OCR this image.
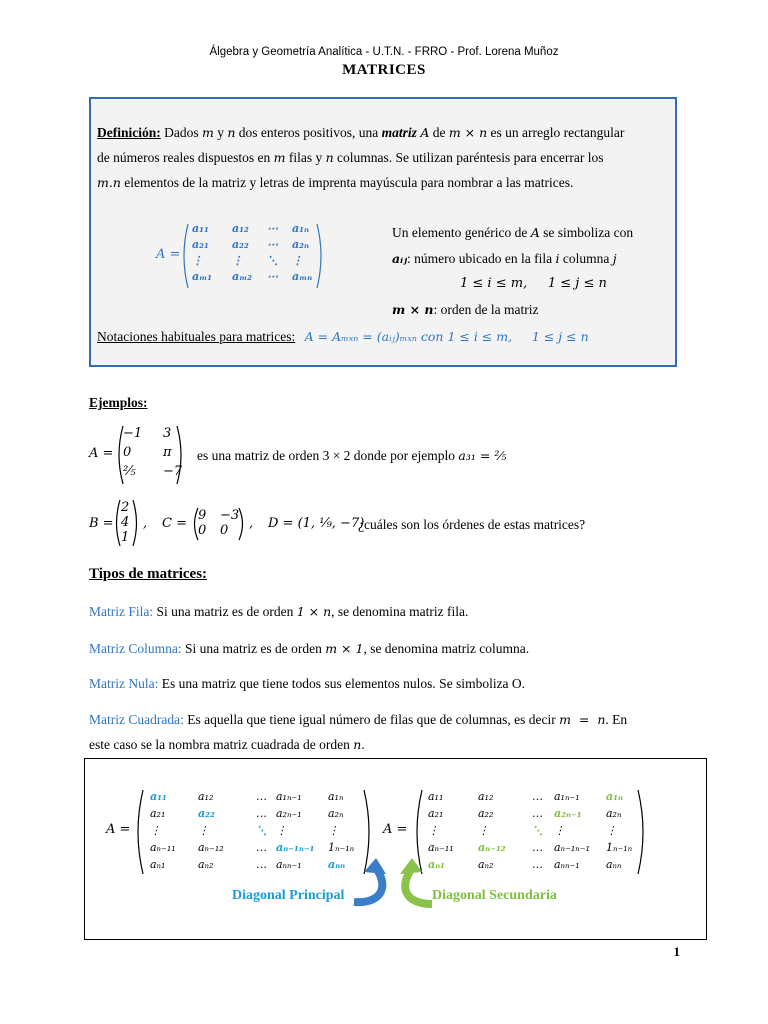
Álgebra y Geometría Analítica - U.T.N. - FRRO - Prof. Lorena Muñoz
MATRICES
Definición: Dados m y n dos enteros positivos, una matriz A de m × n es un arreglo rectangular
de números reales dispuestos en m filas y n columnas. Se utilizan paréntesis para encerrar los
m.n elementos de la matriz y letras de imprenta mayúscula para nombrar a las matrices.
A =
a₁₁ a₁₂ ⋯ a₁ₙ
a₂₁ a₂₂ ⋯ a₂ₙ
⋮	⋮ ⋱ ⋮
aₘ₁ aₘ₂ ⋯ aₘₙ
Un elemento genérico de A se simboliza con
aᵢⱼ: número ubicado en la fila i columna j
1 ≤ i ≤ m,     1 ≤ j ≤ n
m × n: orden de la matriz
Notaciones habituales para matrices: A = Aₘₓₙ = (aᵢⱼ)ₘₓₙ con 1 ≤ i ≤ m,     1 ≤ j ≤ n
Ejemplos:
A =
−1 3
0 π
²⁄₅ −7
es una matriz de orden 3 × 2 donde por ejemplo a₃₁ = ²⁄₅
B =
2
4
1
, C =
9 −3
0 0 , D = (1, ¹⁄₉, −7)
¿cuáles son los órdenes de estas matrices?
Tipos de matrices:
Matriz Fila: Si una matriz es de orden 1 × n, se denomina matriz fila.
Matriz Columna: Si una matriz es de orden m × 1, se denomina matriz columna.
Matriz Nula: Es una matriz que tiene todos sus elementos nulos. Se simboliza O.
Matriz Cuadrada: Es aquella que tiene igual número de filas que de columnas, es decir m  =  n. En
este caso se la nombra matriz cuadrada de orden n.
A =
a₁₁	a₁₂	… a₁ₙ₋₁ a₁ₙ
a₂₁	a₂₂	… a₂ₙ₋₁ a₂ₙ
⋮	⋮	⋱ ⋮	⋮
aₙ₋₁₁ aₙ₋₁₂	… aₙ₋₁ₙ₋₁ 1ₙ₋₁ₙ
aₙ₁	aₙ₂	… aₙₙ₋₁ aₙₙ
A =
a₁₁	a₁₂	… a₁ₙ₋₁ a₁ₙ
a₂₁	a₂₂	… a₂ₙ₋₁ a₂ₙ
⋮	⋮	⋱ ⋮	⋮
aₙ₋₁₁ aₙ₋₁₂ … aₙ₋₁ₙ₋₁ 1ₙ₋₁ₙ
aₙ₁	aₙ₂	… aₙₙ₋₁ aₙₙ
Diagonal Principal	Diagonal Secundaria
1
